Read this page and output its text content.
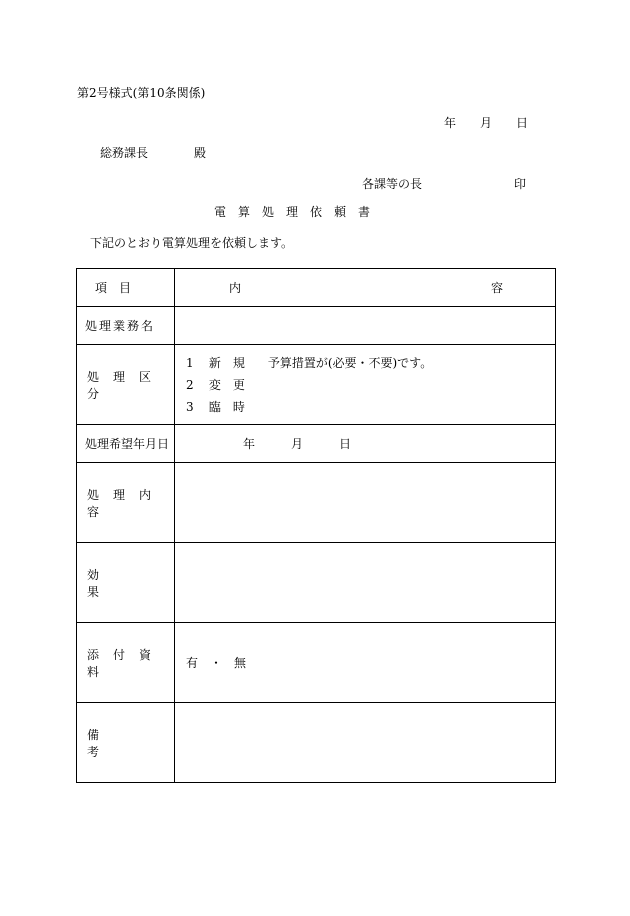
第2号様式(第10条関係)
年 月 日
総務課長	殿
各課等の長	印
電　算　処　理　依　頼　書
下記のとおり電算処理を依頼します。
項　目	内 容

処理業務名	

処理区分	1 新　規 予算措置が(必要・不要)です。
2 変　更
3 臨　時

処理希望年月日	年 月 日

処理内容	

効果	

添付資料	有　・　無

備考	
